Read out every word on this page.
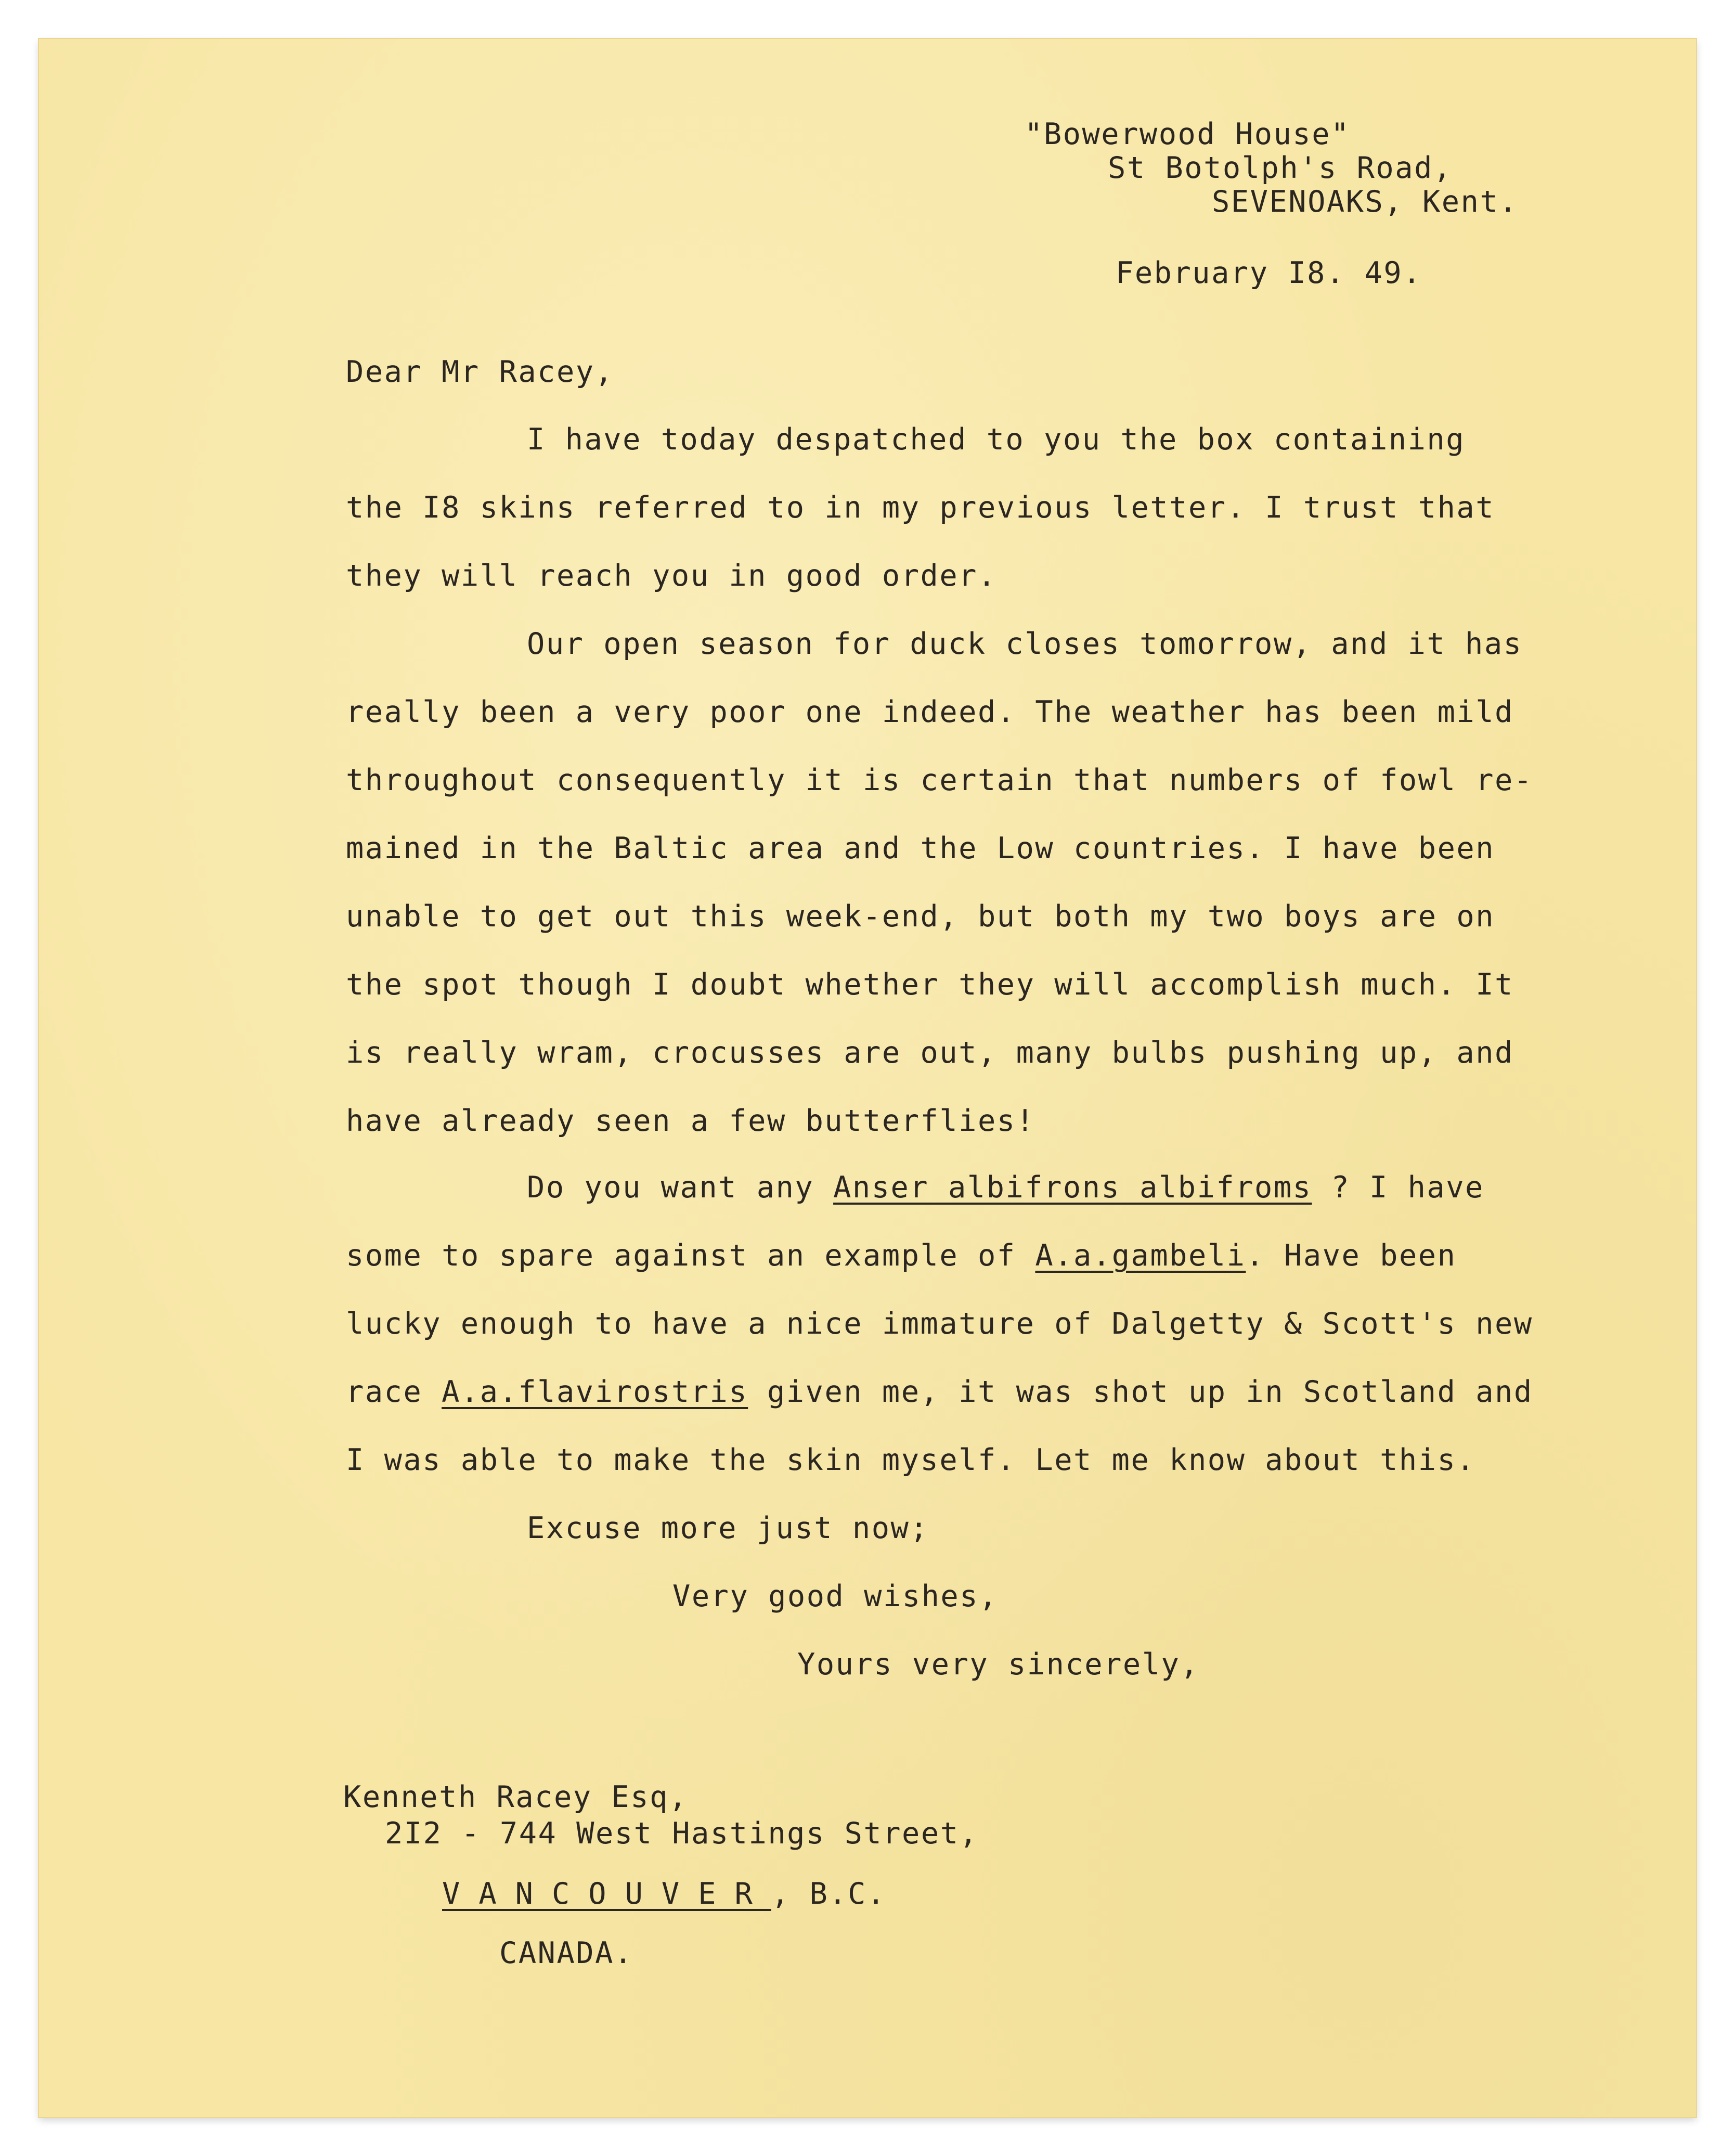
"Bowerwood House"
St Botolph's Road,
SEVENOAKS, Kent.
February I8. 49.
Dear Mr Racey,
I have today despatched to you the box containing
the I8 skins referred to in my previous letter. I trust that
they will reach you in good order.
Our open season for duck closes tomorrow, and it has
really been a very poor one indeed. The weather has been mild
throughout consequently it is certain that numbers of fowl re-
mained in the Baltic area and the Low countries. I have been
unable to get out this week-end, but both my two boys are on
the spot though I doubt whether they will accomplish much. It
is really wram, crocusses are out, many bulbs pushing up, and
have already seen a few butterflies!
Do you want any Anser albifrons albifroms ? I have
some to spare against an example of A.a.gambeli. Have been
lucky enough to have a nice immature of Dalgetty & Scott's new
race A.a.flavirostris given me, it was shot up in Scotland and
I was able to make the skin myself. Let me know about this.
Excuse more just now;
Very good wishes,
Yours very sincerely,
Kenneth Racey Esq,
2I2 - 744 West Hastings Street,
VANCOUVER, B.C.
CANADA.
